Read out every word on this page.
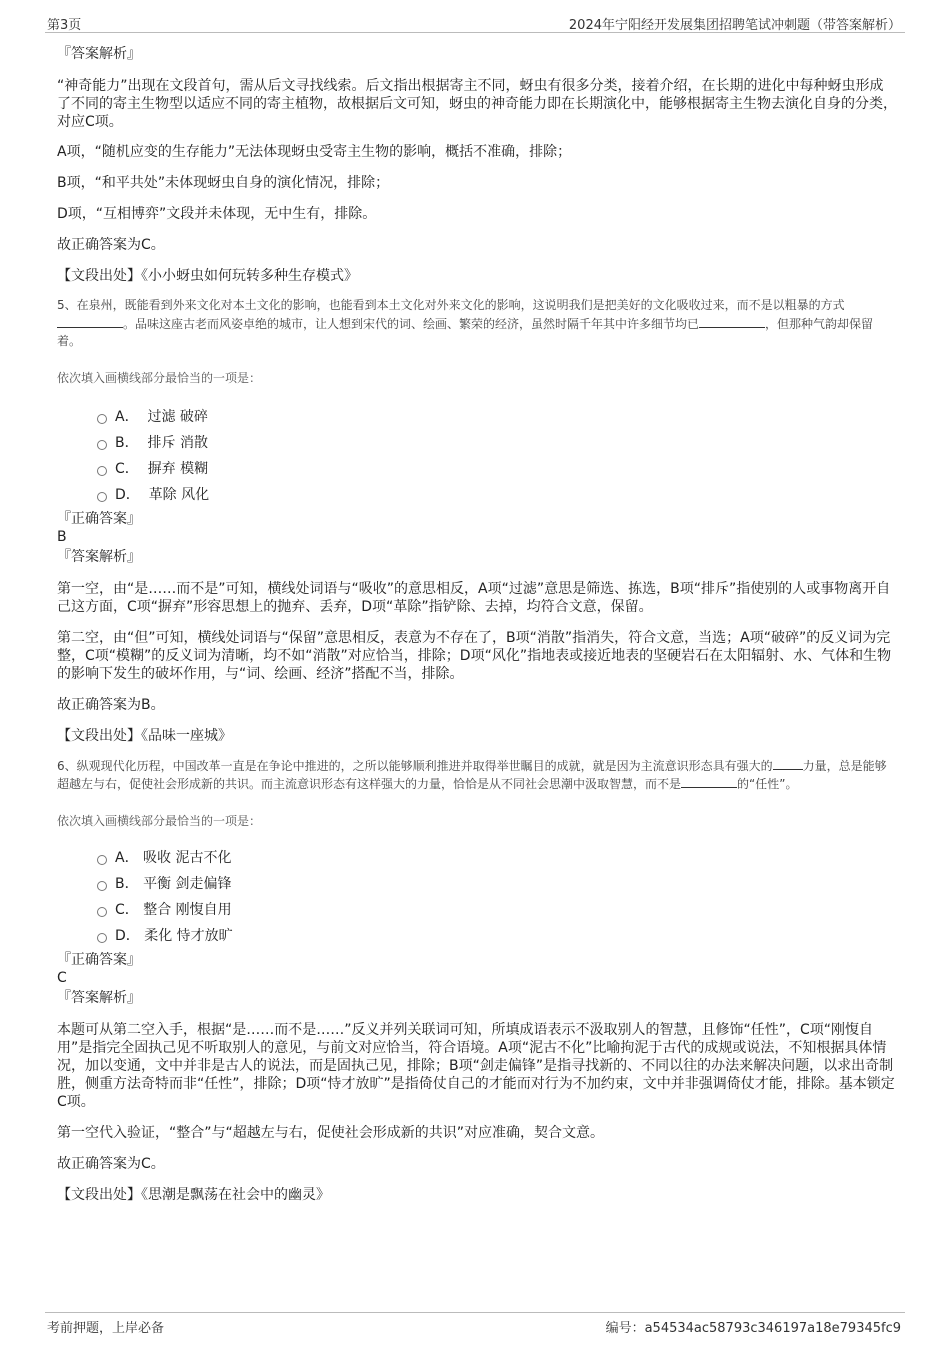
第3页	2024年宁阳经开发展集团招聘笔试冲刺题（带答案解析）

『答案解析』

“神奇能力”出现在文段首句，需从后文寻找线索。后文指出根据寄主不同，蚜虫有很多分类，接着介绍，在长期的进化中每种蚜虫形成了不同的寄主生物型以适应不同的寄主植物，故根据后文可知，蚜虫的神奇能力即在长期演化中，能够根据寄主生物去演化自身的分类，对应C项。

A项，“随机应变的生存能力”无法体现蚜虫受寄主生物的影响，概括不准确，排除；

B项，“和平共处”未体现蚜虫自身的演化情况，排除；

D项，“互相博弈”文段并未体现，无中生有，排除。

故正确答案为C。

【文段出处】《小小蚜虫如何玩转多种生存模式》

5、在泉州，既能看到外来文化对本土文化的影响，也能看到本土文化对外来文化的影响，这说明我们是把美好的文化吸收过来，而不是以粗暴的方式。品味这座古老而风姿卓绝的城市，让人想到宋代的词、绘画、繁荣的经济，虽然时隔千年其中许多细节均已	，但那种气韵却保留着。

依次填入画横线部分最恰当的一项是：

A．
过滤 破碎
B．
排斥 消散
C．
摒弃 模糊
D．
革除 风化

『正确答案』

B

『答案解析』

第一空，由“是……而不是”可知，横线处词语与“吸收”的意思相反，A项“过滤”意思是筛选、拣选，B项“排斥”指使别的人或事物离开自己这方面，C项“摒弃”形容思想上的抛弃、丢弃，D项“革除”指铲除、去掉，均符合文意，保留。

第二空，由“但”可知，横线处词语与“保留”意思相反，表意为不存在了，B项“消散”指消失，符合文意，当选；A项“破碎”的反义词为完整，C项“模糊”的反义词为清晰，均不如“消散”对应恰当，排除；D项“风化”指地表或接近地表的坚硬岩石在太阳辐射、水、气体和生物的影响下发生的破坏作用，与“词、绘画、经济”搭配不当，排除。

故正确答案为B。

【文段出处】《品味一座城》

6、纵观现代化历程，中国改革一直是在争论中推进的，之所以能够顺利推进并取得举世瞩目的成就，就是因为主流意识形态具有强大的	力量，总是能够超越左与右，促使社会形成新的共识。而主流意识形态有这样强大的力量，恰恰是从不同社会思潮中汲取智慧，而不是	的“任性”。

依次填入画横线部分最恰当的一项是：

A．
吸收 泥古不化
B．
平衡 剑走偏锋
C．
整合 刚愎自用
D．
柔化 恃才放旷

『正确答案』

C

『答案解析』

本题可从第二空入手，根据“是……而不是……”反义并列关联词可知，所填成语表示不汲取别人的智慧，且修饰“任性”，C项“刚愎自用”是指完全固执己见不听取别人的意见，与前文对应恰当，符合语境。A项“泥古不化”比喻拘泥于古代的成规或说法，不知根据具体情况，加以变通，文中并非是古人的说法，而是固执己见，排除；B项“剑走偏锋”是指寻找新的、不同以往的办法来解决问题，以求出奇制胜，侧重方法奇特而非“任性”，排除；D项“恃才放旷”是指倚仗自己的才能而对行为不加约束，文中并非强调倚仗才能，排除。基本锁定C项。

第一空代入验证，“整合”与“超越左与右，促使社会形成新的共识”对应准确，契合文意。

故正确答案为C。

【文段出处】《思潮是飘荡在社会中的幽灵》

考前押题，上岸必备	编号：a54534ac58793c346197a18e79345fc9
